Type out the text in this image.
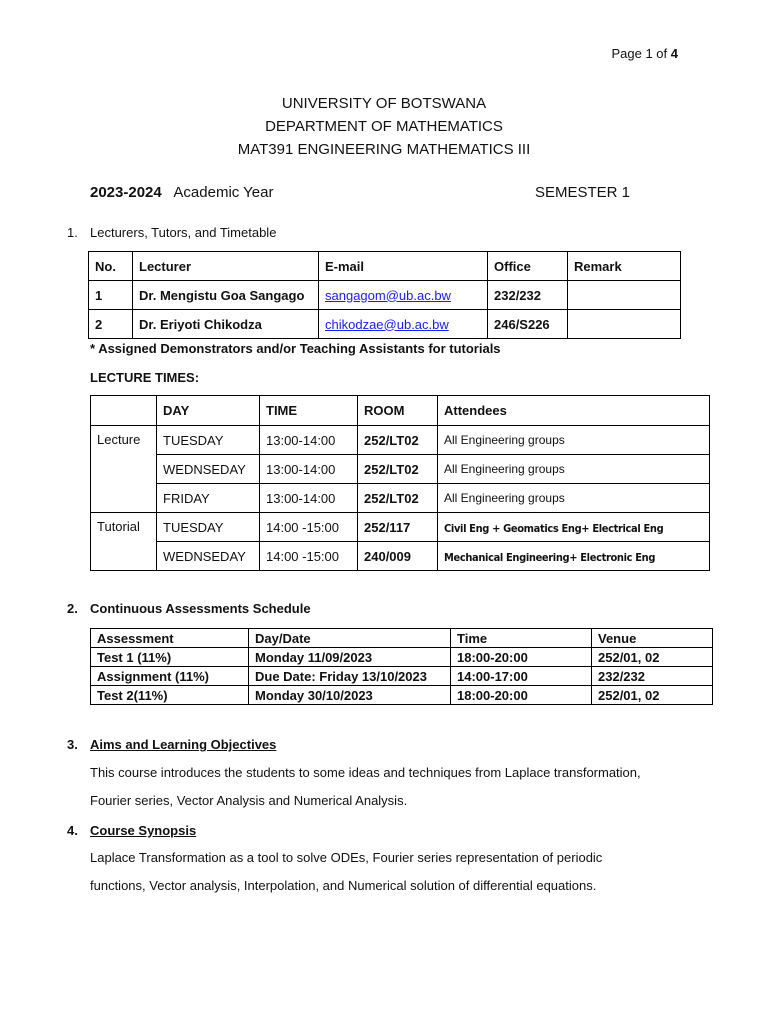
Page 1 of 4
UNIVERSITY OF BOTSWANA
DEPARTMENT OF MATHEMATICS
MAT391 ENGINEERING MATHEMATICS III
2023-2024 Academic Year	SEMESTER 1
1. Lecturers, Tutors, and Timetable
No.	Lecturer	E-mail	Office	Remark
1	Dr. Mengistu Goa Sangago	sangagom@ub.ac.bw	232/232	
2	Dr. Eriyoti Chikodza	chikodzae@ub.ac.bw	246/S226	
* Assigned Demonstrators and/or Teaching Assistants for tutorials
LECTURE TIMES:
	DAY	TIME	ROOM	Attendees
Lecture	TUESDAY	13:00-14:00	252/LT02	All Engineering groups
	WEDNSEDAY	13:00-14:00	252/LT02	All Engineering groups
	FRIDAY	13:00-14:00	252/LT02	All Engineering groups
Tutorial	TUESDAY	14:00 -15:00	252/117	Civil Eng + Geomatics Eng+ Electrical Eng
	WEDNSEDAY	14:00 -15:00	240/009	Mechanical Engineering+ Electronic Eng
2. Continuous Assessments Schedule
Assessment	Day/Date	Time	Venue
Test 1 (11%)	Monday 11/09/2023	18:00-20:00	252/01, 02
Assignment (11%)	Due Date: Friday 13/10/2023	14:00-17:00	232/232
Test 2(11%)	Monday 30/10/2023	18:00-20:00	252/01, 02
3. Aims and Learning Objectives
This course introduces the students to some ideas and techniques from Laplace transformation,
Fourier series, Vector Analysis and Numerical Analysis.
4. Course Synopsis
Laplace Transformation as a tool to solve ODEs, Fourier series representation of periodic
functions, Vector analysis, Interpolation, and Numerical solution of differential equations.
